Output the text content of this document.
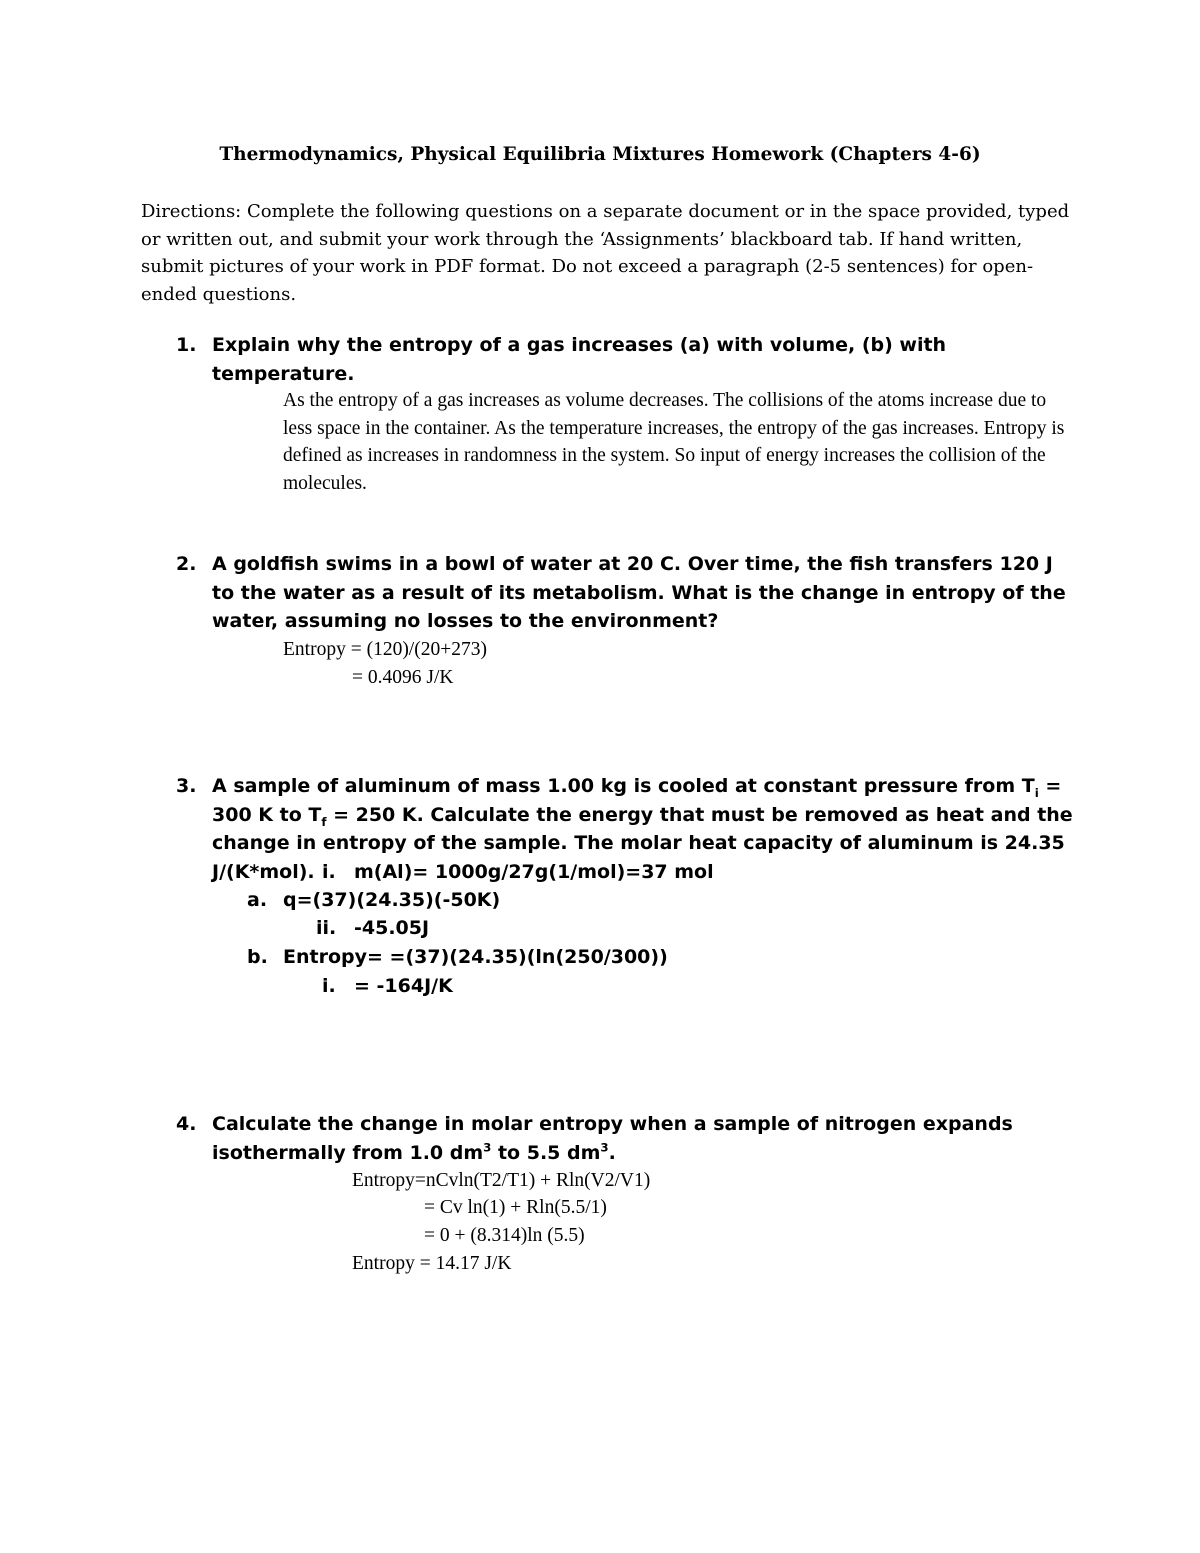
Thermodynamics, Physical Equilibria Mixtures Homework (Chapters 4-6)
Directions: Complete the following questions on a separate document or in the space provided, typed or written out, and submit your work through the ‘Assignments’ blackboard tab. If hand written, submit pictures of your work in PDF format. Do not exceed a paragraph (2-5 sentences) for open-ended questions.
1. Explain why the entropy of a gas increases (a) with volume, (b) with temperature.
As the entropy of a gas increases as volume decreases. The collisions of the atoms increase due to less space in the container. As the temperature increases, the entropy of the gas increases. Entropy is defined as increases in randomness in the system. So input of energy increases the collision of the molecules.
2. A goldfish swims in a bowl of water at 20 C. Over time, the fish transfers 120 J to the water as a result of its metabolism. What is the change in entropy of the water, assuming no losses to the environment?
Entropy = (120)/(20+273)
= 0.4096 J/K
3. A sample of aluminum of mass 1.00 kg is cooled at constant pressure from $T_i = 300$ K to $T_f = 250$ K. Calculate the energy that must be removed as heat and the change in entropy of the sample. The molar heat capacity of aluminum is 24.35 J/(K*mol). i. m(Al)= 1000g/27g(1/mol)=37 mol
a. q=(37)(24.35)(-50K)
ii. -45.05J
b. Entropy= =(37)(24.35)(ln(250/300))
i. = -164J/K
4. Calculate the change in molar entropy when a sample of nitrogen expands isothermally from 1.0 $dm^3$ to 5.5 $dm^3$.
Entropy=nCvln(T2/T1) + Rln(V2/V1)
= Cv ln(1) + Rln(5.5/1)
= 0 + (8.314)ln (5.5)
Entropy = 14.17 J/K
